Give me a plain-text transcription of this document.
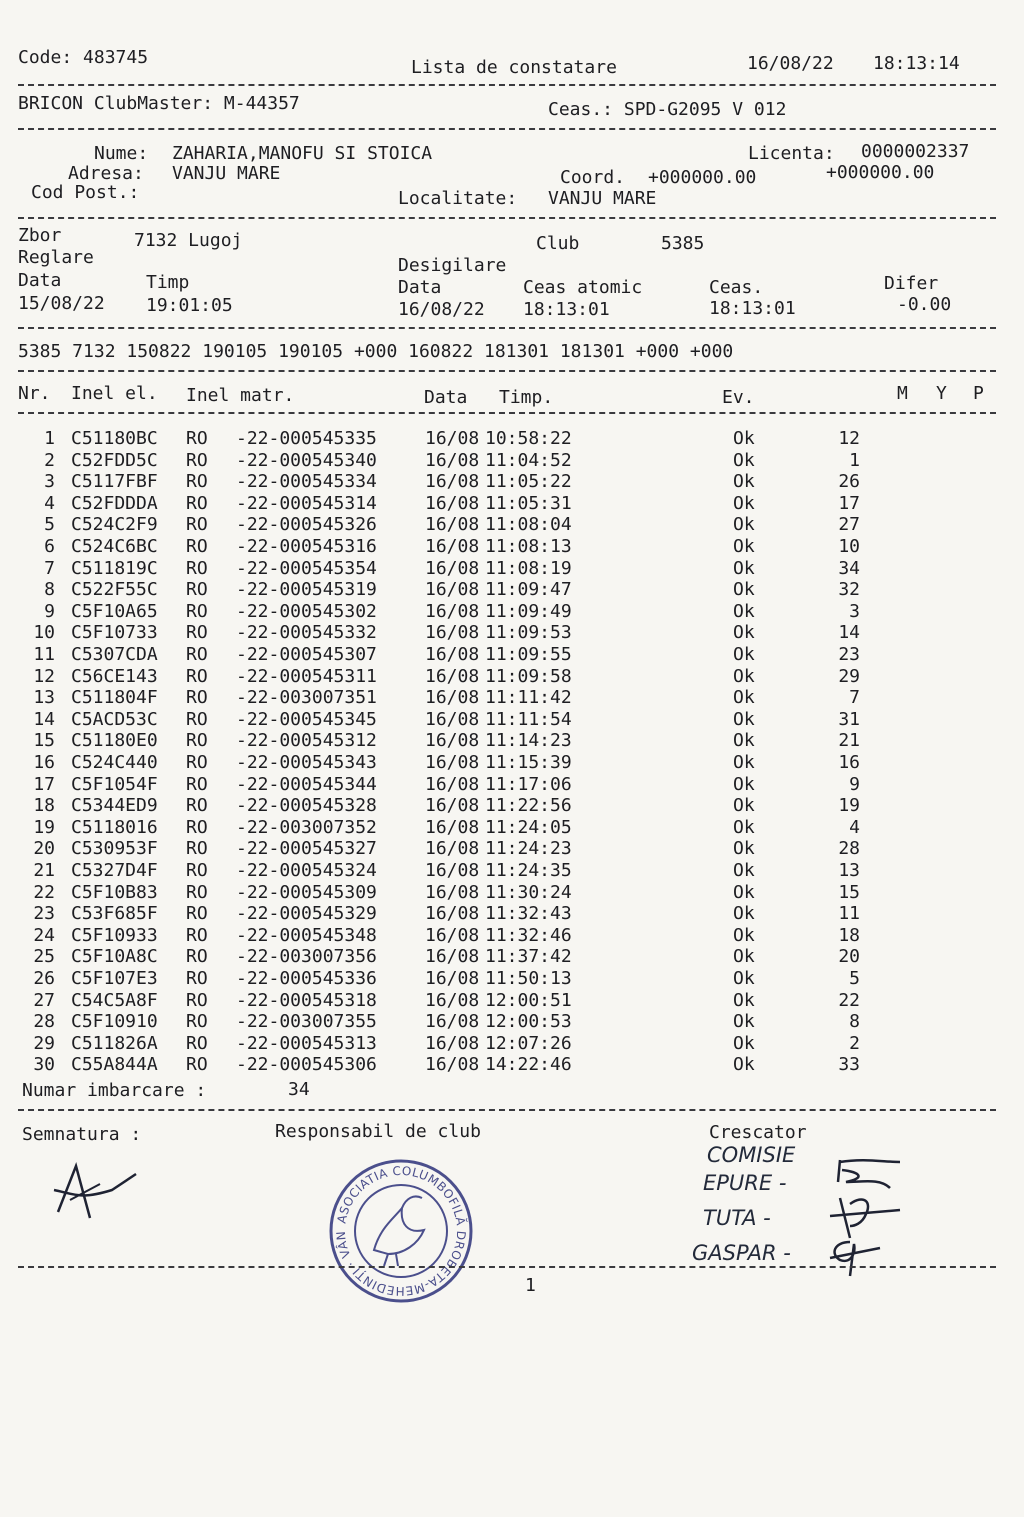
Code: 483745	Lista de constatare	16/08/22 18:13:14
BRICON ClubMaster: M-44357	Ceas.: SPD-G2095 V 012
Nume: ZAHARIA,MANOFU SI STOICA	Licenta: 0000002337
Adresa: VANJU MARE	Coord. +000000.00	+000000.00
Cod Post.:	Localitate: VANJU MARE
Zbor	7132 Lugoj	Club	5385
Reglare	Desigilare
Data	Timp	Data	Ceas atomic	Ceas.	Difer
15/08/22 19:01:05	16/08/22 18:13:01	18:13:01	-0.00
5385 7132 150822 190105 190105 +000 160822 181301 181301 +000 +000
Nr. Inel el. Inel matr.	Data Timp.	Ev.	M Y P
1 C51180BC RO -22-000545335	16/08 10:58:22	Ok	12
2 C52FDD5C RO -22-000545340	16/08 11:04:52	Ok	1
3 C5117FBF RO -22-000545334	16/08 11:05:22	Ok	26
4 C52FDDDA RO -22-000545314	16/08 11:05:31	Ok	17
5 C524C2F9 RO -22-000545326	16/08 11:08:04	Ok	27
6 C524C6BC RO -22-000545316	16/08 11:08:13	Ok	10
7 C511819C RO -22-000545354	16/08 11:08:19	Ok	34
8 C522F55C RO -22-000545319	16/08 11:09:47	Ok	32
9 C5F10A65 RO -22-000545302	16/08 11:09:49	Ok	3
10 C5F10733 RO -22-000545332	16/08 11:09:53	Ok	14
11 C5307CDA RO -22-000545307	16/08 11:09:55	Ok	23
12 C56CE143 RO -22-000545311	16/08 11:09:58	Ok	29
13 C511804F RO -22-003007351	16/08 11:11:42	Ok	7
14 C5ACD53C RO -22-000545345	16/08 11:11:54	Ok	31
15 C51180E0 RO -22-000545312	16/08 11:14:23	Ok	21
16 C524C440 RO -22-000545343	16/08 11:15:39	Ok	16
17 C5F1054F RO -22-000545344	16/08 11:17:06	Ok	9
18 C5344ED9 RO -22-000545328	16/08 11:22:56	Ok	19
19 C5118016 RO -22-003007352	16/08 11:24:05	Ok	4
20 C530953F RO -22-000545327	16/08 11:24:23	Ok	28
21 C5327D4F RO -22-000545324	16/08 11:24:35	Ok	13
22 C5F10B83 RO -22-000545309	16/08 11:30:24	Ok	15
23 C53F685F RO -22-000545329	16/08 11:32:43	Ok	11
24 C5F10933 RO -22-000545348	16/08 11:32:46	Ok	18
25 C5F10A8C RO -22-003007356	16/08 11:37:42	Ok	20
26 C5F107E3 RO -22-000545336	16/08 11:50:13	Ok	5
27 C54C5A8F RO -22-000545318	16/08 12:00:51	Ok	22
28 C5F10910 RO -22-003007355	16/08 12:00:53	Ok	8
29 C511826A RO -22-000545313	16/08 12:07:26	Ok	2
30 C55A844A RO -22-000545306	16/08 14:22:46	Ok	33
Numar imbarcare :	34
Semnatura :	Responsabil de club	Crescator
ASOCIATIA COLUMBOFILĂ DROBETA-MEHEDINȚI · VÂNJU MARE ·	COMISIE
EPURE -
TUTA -
GASPAR -
1
